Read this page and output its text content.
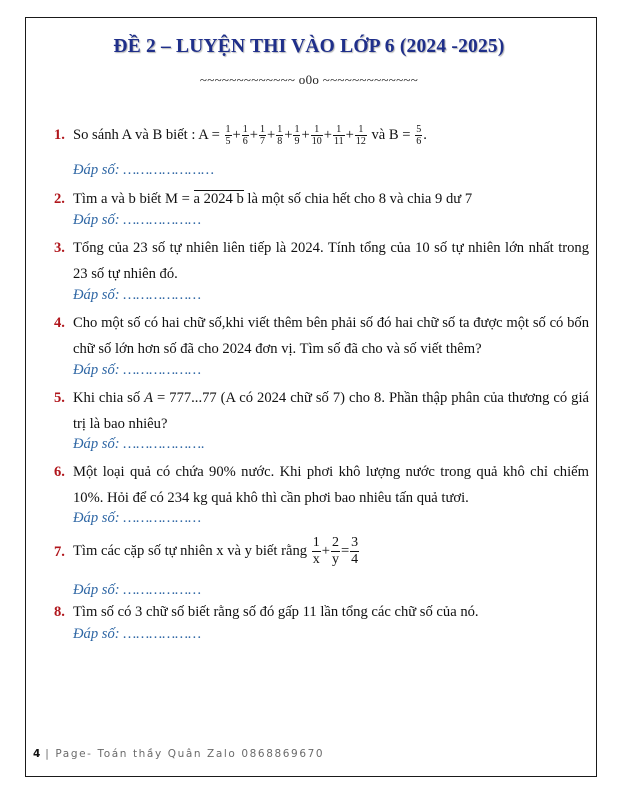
ĐỀ 2 – LUYỆN THI VÀO LỚP 6 (2024 -2025)
~~~~~~~~~~~~~ o0o ~~~~~~~~~~~~~
1. So sánh A và B biết : $A = \frac{1}{5} + \frac{1}{6} + \frac{1}{7} + \frac{1}{8} + \frac{1}{9} + \frac{1}{10} + \frac{1}{11} + \frac{1}{12}$ và $B = \frac{5}{6}$ .
Đáp số: …………………
2. Tìm a và b biết M = a 2024 b là một số chia hết cho 8 và chia 9 dư 7
Đáp số: ………………
3. Tổng của 23 số tự nhiên liên tiếp là 2024. Tính tổng của 10 số tự nhiên lớn nhất trong 23 số tự nhiên đó.
Đáp số: ………………
4. Cho một số có hai chữ số,khi viết thêm bên phải số đó hai chữ số ta được một số có bốn chữ số lớn hơn số đã cho 2024 đơn vị. Tìm số đã cho và số viết thêm?
Đáp số: ………………
5. Khi chia số A = 777...77 (A có 2024 chữ số 7) cho 8. Phần thập phân của thương có giá trị là bao nhiêu?
Đáp số: ……………….
6. Một loại quả có chứa 90% nước. Khi phơi khô lượng nước trong quả khô chỉ chiếm 10%. Hỏi để có 234 kg quả khô thì cần phơi bao nhiêu tấn quả tươi.
Đáp số: ………………
7. Tìm các cặp số tự nhiên x và y biết rằng $\frac{1}{x} + \frac{2}{y} = \frac{3}{4}$
Đáp số: ………………
8. Tìm số có 3 chữ số biết rằng số đó gấp 11 lần tổng các chữ số của nó.
Đáp số: ………………
4 | Page- Toán thầy Quân Zalo 0868869670
